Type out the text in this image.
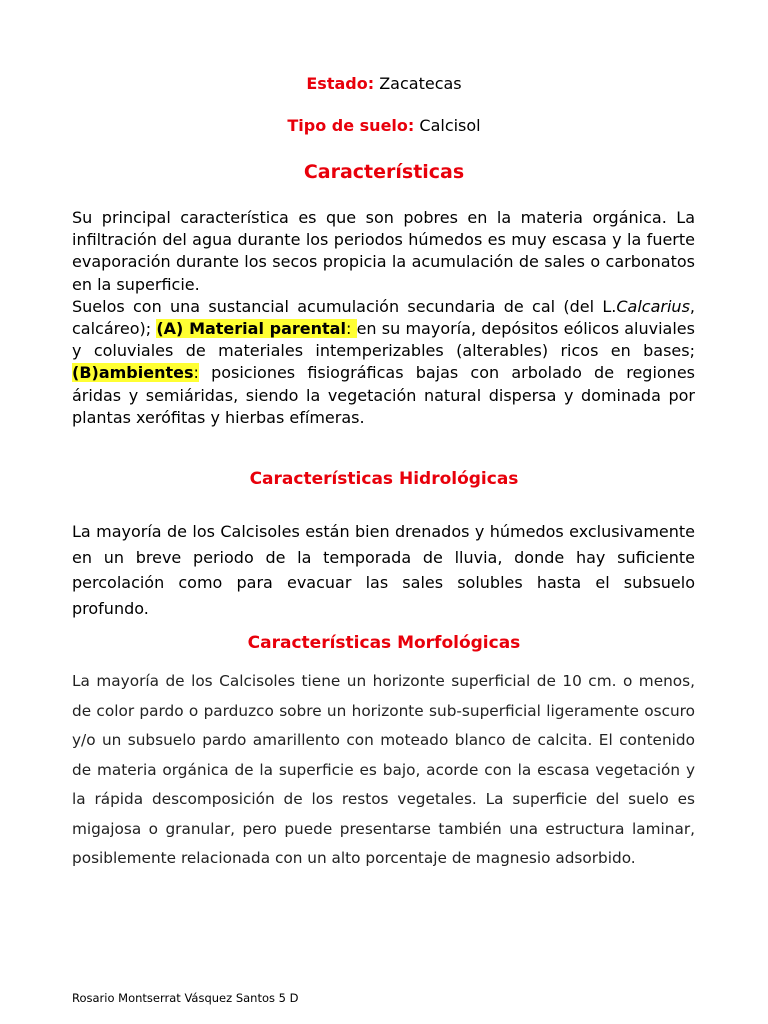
Estado: Zacatecas
Tipo de suelo: Calcisol
Características

Su principal característica es que son pobres en la materia orgánica. La infiltración del agua durante los periodos húmedos es muy escasa y la fuerte evaporación durante los secos propicia la acumulación de sales o carbonatos en la superficie.
Suelos con una sustancial acumulación secundaria de cal (del L.Calcarius, calcáreo); (A) Material parental: en su mayoría, depósitos eólicos aluviales y coluviales de materiales intemperizables (alterables) ricos en bases;(B)ambientes: posiciones fisiográficas bajas con arbolado de regiones áridas y semiáridas, siendo la vegetación natural dispersa y dominada por plantas xerófitas y hierbas efímeras.

Características Hidrológicas

La mayoría de los Calcisoles están bien drenados y húmedos exclusivamente en un breve periodo de la temporada de lluvia, donde hay suficiente percolación como para evacuar las sales solubles hasta el subsuelo profundo.

Características Morfológicas

La mayoría de los Calcisoles tiene un horizonte superficial de 10 cm. o menos, de color pardo o parduzco sobre un horizonte sub-superficial ligeramente oscuro y/o un subsuelo pardo amarillento con moteado blanco de calcita. El contenido de materia orgánica de la superficie es bajo, acorde con la escasa vegetación y la rápida descomposición de los restos vegetales. La superficie del suelo es migajosa o granular, pero puede presentarse también una estructura laminar, posiblemente relacionada con un alto porcentaje de magnesio adsorbido.

Rosario Montserrat Vásquez Santos 5 D
